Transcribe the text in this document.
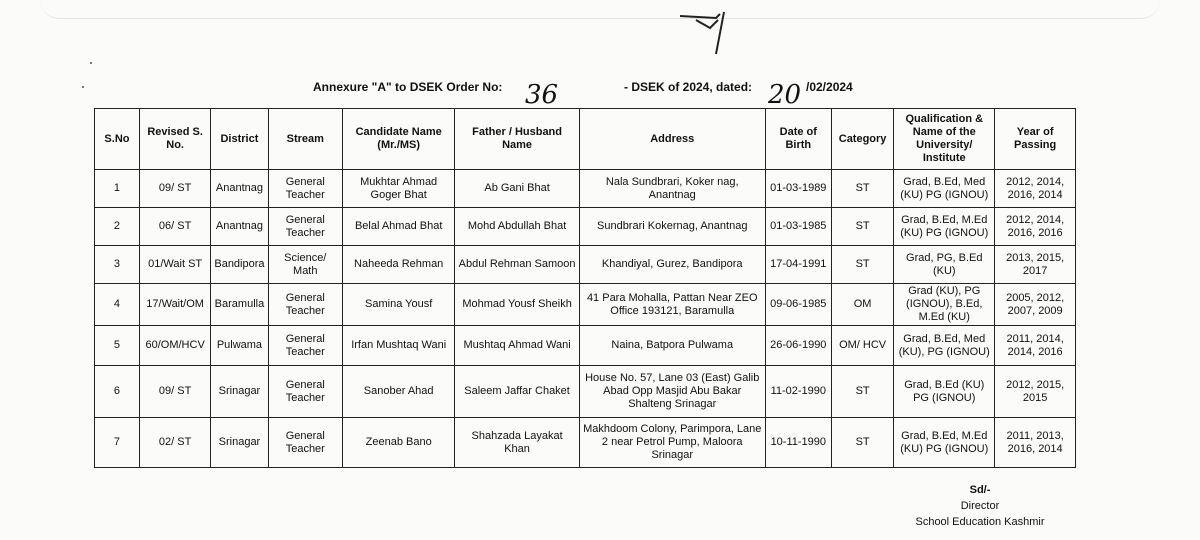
Annexure "A" to DSEK Order No: 36	- DSEK of 2024, dated: 20 /02/2024
S.No	Revised S. No.	District	Stream	Candidate Name (Mr./MS)	Father / Husband Name	Address	Date of Birth	Category	Qualification & Name of the University/ Institute	Year of Passing
1	09/ ST	Anantnag	General Teacher	Mukhtar Ahmad Goger Bhat	Ab Gani Bhat	Nala Sundbrari, Koker nag, Anantnag	01-03-1989	ST	Grad, B.Ed, Med (KU) PG (IGNOU)	2012, 2014, 2016, 2014
2	06/ ST	Anantnag	General Teacher	Belal Ahmad Bhat	Mohd Abdullah Bhat	Sundbrari Kokernag, Anantnag	01-03-1985	ST	Grad, B.Ed, M.Ed (KU) PG (IGNOU)	2012, 2014, 2016, 2016
3	01/Wait ST	Bandipora	Science/ Math	Naheeda Rehman	Abdul Rehman Samoon	Khandiyal, Gurez, Bandipora	17-04-1991	ST	Grad, PG, B.Ed (KU)	2013, 2015, 2017
4	17/Wait/OM	Baramulla	General Teacher	Samina Yousf	Mohmad Yousf Sheikh	41 Para Mohalla, Pattan Near ZEO Office 193121, Baramulla	09-06-1985	OM	Grad (KU), PG (IGNOU), B.Ed, M.Ed (KU)	2005, 2012, 2007, 2009
5	60/OM/HCV	Pulwama	General Teacher	Irfan Mushtaq Wani	Mushtaq Ahmad Wani	Naina, Batpora Pulwama	26-06-1990	OM/ HCV	Grad, B.Ed, Med (KU), PG (IGNOU)	2011, 2014, 2014, 2016
6	09/ ST	Srinagar	General Teacher	Sanober Ahad	Saleem Jaffar Chaket	House No. 57, Lane 03 (East) Galib Abad Opp Masjid Abu Bakar Shalteng Srinagar	11-02-1990	ST	Grad, B.Ed (KU) PG (IGNOU)	2012, 2015, 2015
7	02/ ST	Srinagar	General Teacher	Zeenab Bano	Shahzada Layakat Khan	Makhdoom Colony, Parimpora, Lane 2 near Petrol Pump, Maloora Srinagar	10-11-1990	ST	Grad, B.Ed, M.Ed (KU) PG (IGNOU)	2011, 2013, 2016, 2014
Sd/-
Director
School Education Kashmir
